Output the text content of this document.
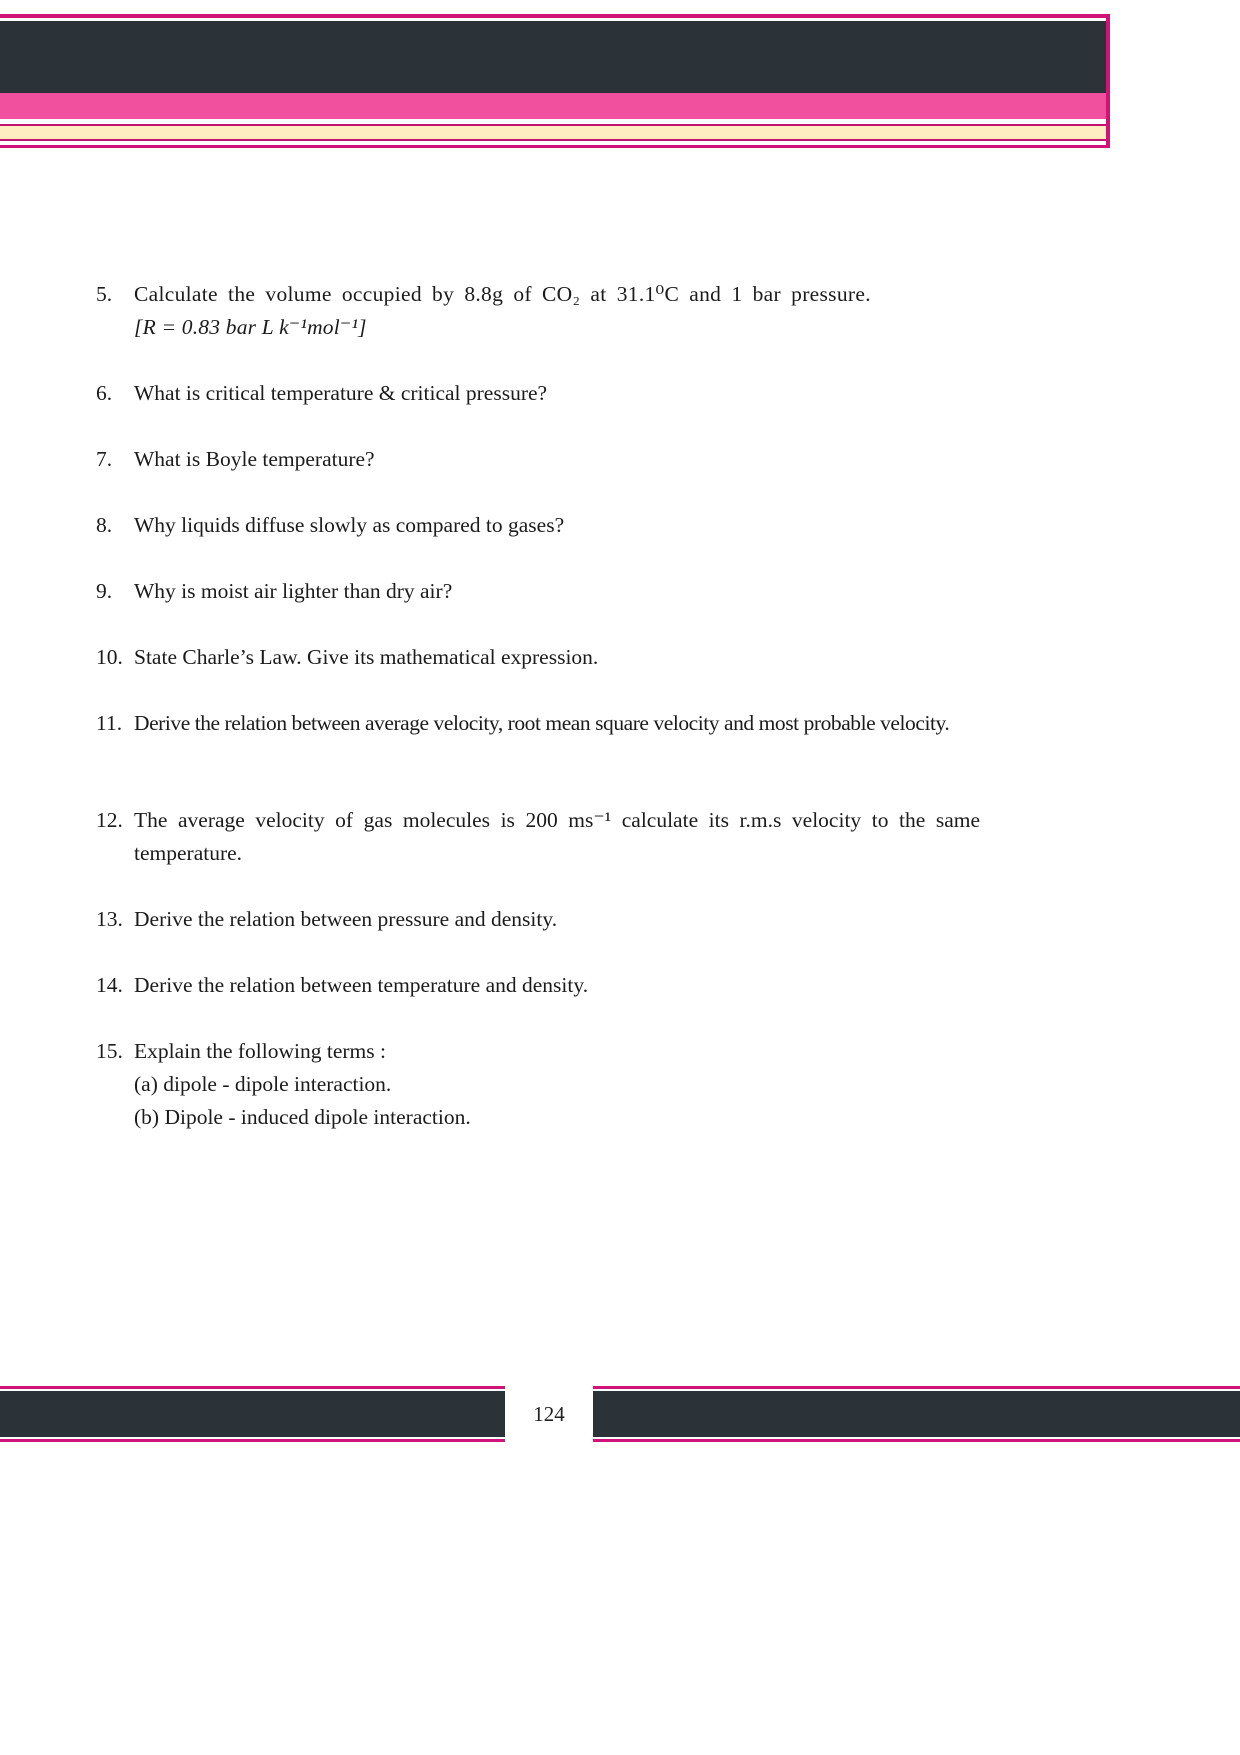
5.	Calculate the volume occupied by 8.8g of CO₂ at 31.1⁰C and 1 bar pressure.
[R = 0.83 bar L k⁻¹mol⁻¹]
6.	What is critical temperature & critical pressure?
7.	What is Boyle temperature?
8.	Why liquids diffuse slowly as compared to gases?
9.	Why is moist air lighter than dry air?
10. State Charle’s Law. Give its mathematical expression.
11. Derive the relation between average velocity, root mean square velocity and most probable velocity.
12. The average velocity of gas molecules is 200 ms⁻¹ calculate its r.m.s velocity to the same temperature.
13. Derive the relation between pressure and density.
14. Derive the relation between temperature and density.
15. Explain the following terms :
(a) dipole - dipole interaction.
(b) Dipole - induced dipole interaction.
124
